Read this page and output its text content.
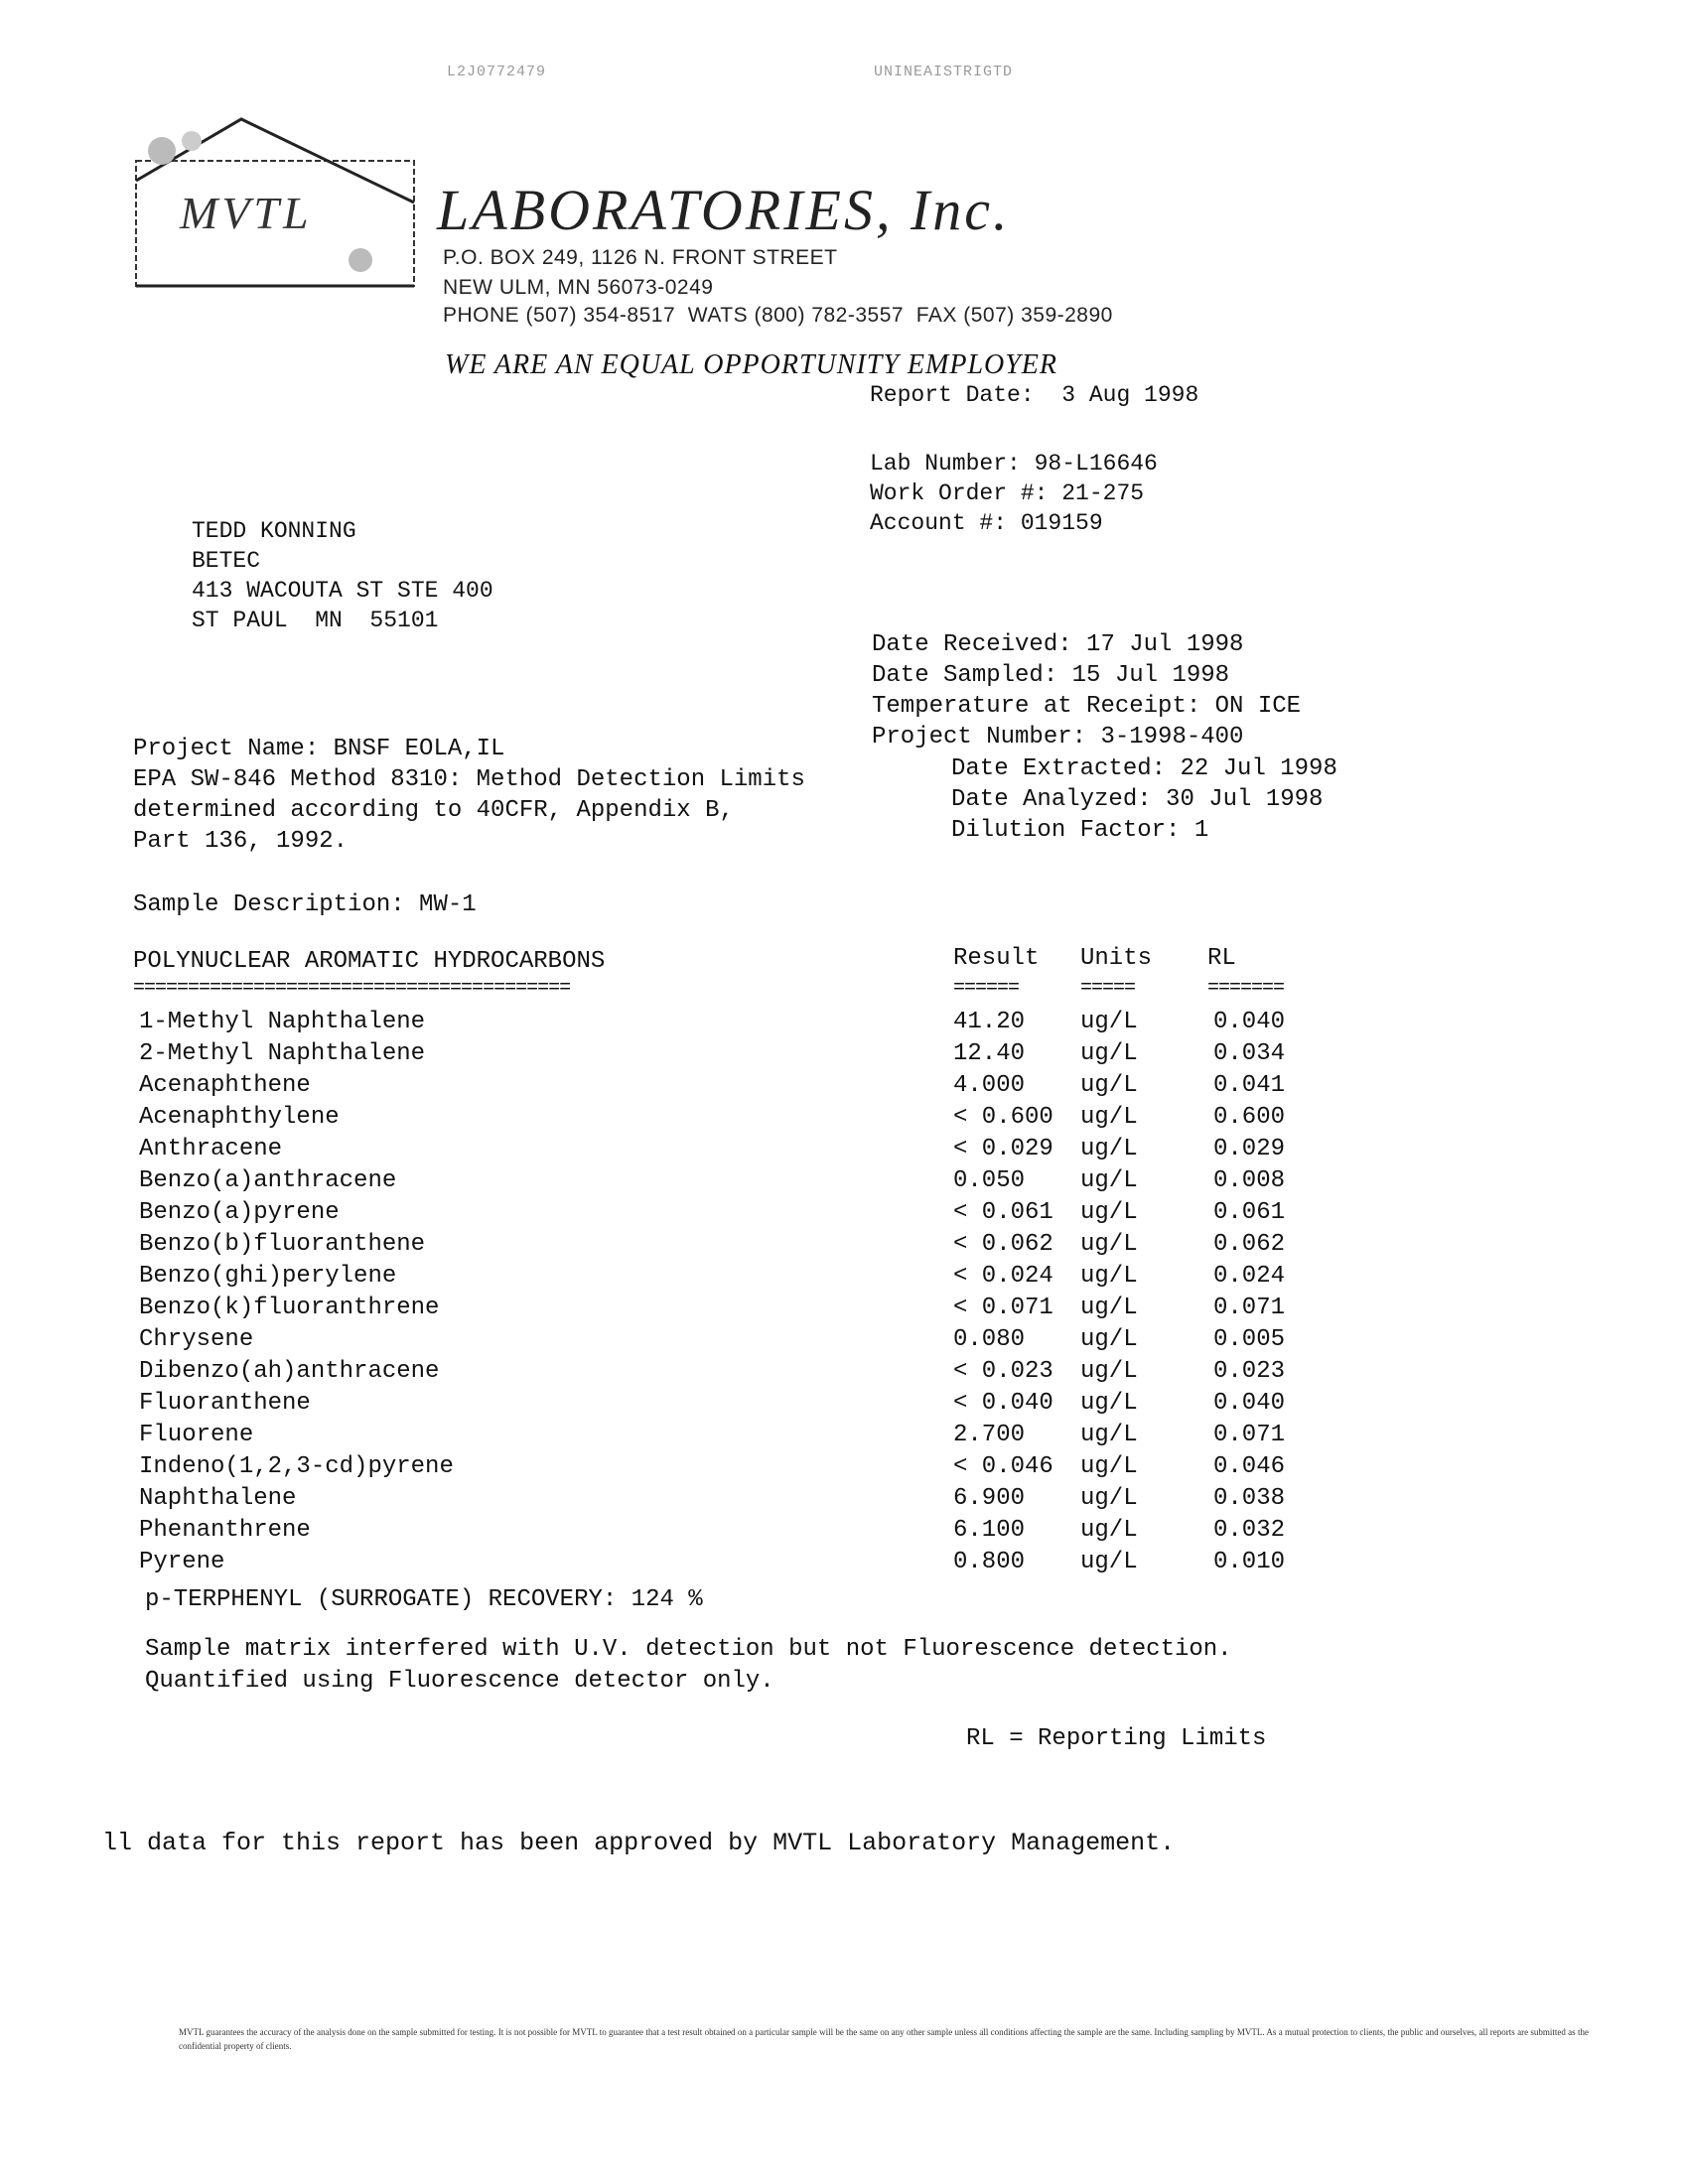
L2J0772479	UNINEAISTRIGTD
MVTL LABORATORIES, Inc.
P.O. BOX 249, 1126 N. FRONT STREET
NEW ULM, MN 56073-0249
PHONE (507) 354-8517  WATS (800) 782-3557  FAX (507) 359-2890
WE ARE AN EQUAL OPPORTUNITY EMPLOYER
Report Date:  3 Aug 1998
Lab Number: 98-L16646
Work Order #: 21-275
Account #: 019159
TEDD KONNING
BETEC
413 WACOUTA ST STE 400
ST PAUL  MN  55101
Date Received: 17 Jul 1998
Date Sampled: 15 Jul 1998
Temperature at Receipt: ON ICE
Project Number: 3-1998-400
Date Extracted: 22 Jul 1998
Date Analyzed: 30 Jul 1998
Dilution Factor: 1
Project Name: BNSF EOLA,IL
EPA SW-846 Method 8310: Method Detection Limits
determined according to 40CFR, Appendix B,
Part 136, 1992.
Sample Description: MW-1
POLYNUCLEAR AROMATIC HYDROCARBONS
========================================
Result Units RL
======	=====	=======
1-Methyl Naphthalene	41.20 ug/L	0.040
2-Methyl Naphthalene	12.40 ug/L	0.034
Acenaphthene	4.000 ug/L	0.041
Acenaphthylene	< 0.600 ug/L	0.600
Anthracene	< 0.029 ug/L	0.029
Benzo(a)anthracene	0.050 ug/L	0.008
Benzo(a)pyrene	< 0.061 ug/L	0.061
Benzo(b)fluoranthene	< 0.062 ug/L	0.062
Benzo(ghi)perylene	< 0.024 ug/L	0.024
Benzo(k)fluoranthrene	< 0.071 ug/L	0.071
Chrysene	0.080 ug/L	0.005
Dibenzo(ah)anthracene	< 0.023 ug/L	0.023
Fluoranthene	< 0.040 ug/L	0.040
Fluorene	2.700 ug/L	0.071
Indeno(1,2,3-cd)pyrene	< 0.046 ug/L	0.046
Naphthalene	6.900 ug/L	0.038
Phenanthrene	6.100 ug/L	0.032
Pyrene	0.800 ug/L	0.010
p-TERPHENYL (SURROGATE) RECOVERY: 124 %
Sample matrix interfered with U.V. detection but not Fluorescence detection.
Quantified using Fluorescence detector only.
RL = Reporting Limits
ll data for this report has been approved by MVTL Laboratory Management.
MVTL guarantees the accuracy of the analysis done on the sample submitted for testing. It is not possible for MVTL to guarantee that a test result obtained on a particular sample will be the same on any other sample unless all conditions affecting the sample are the same. Including sampling by MVTL. As a mutual protection to clients, the public and ourselves, all reports are submitted as the confidential property of clients.
